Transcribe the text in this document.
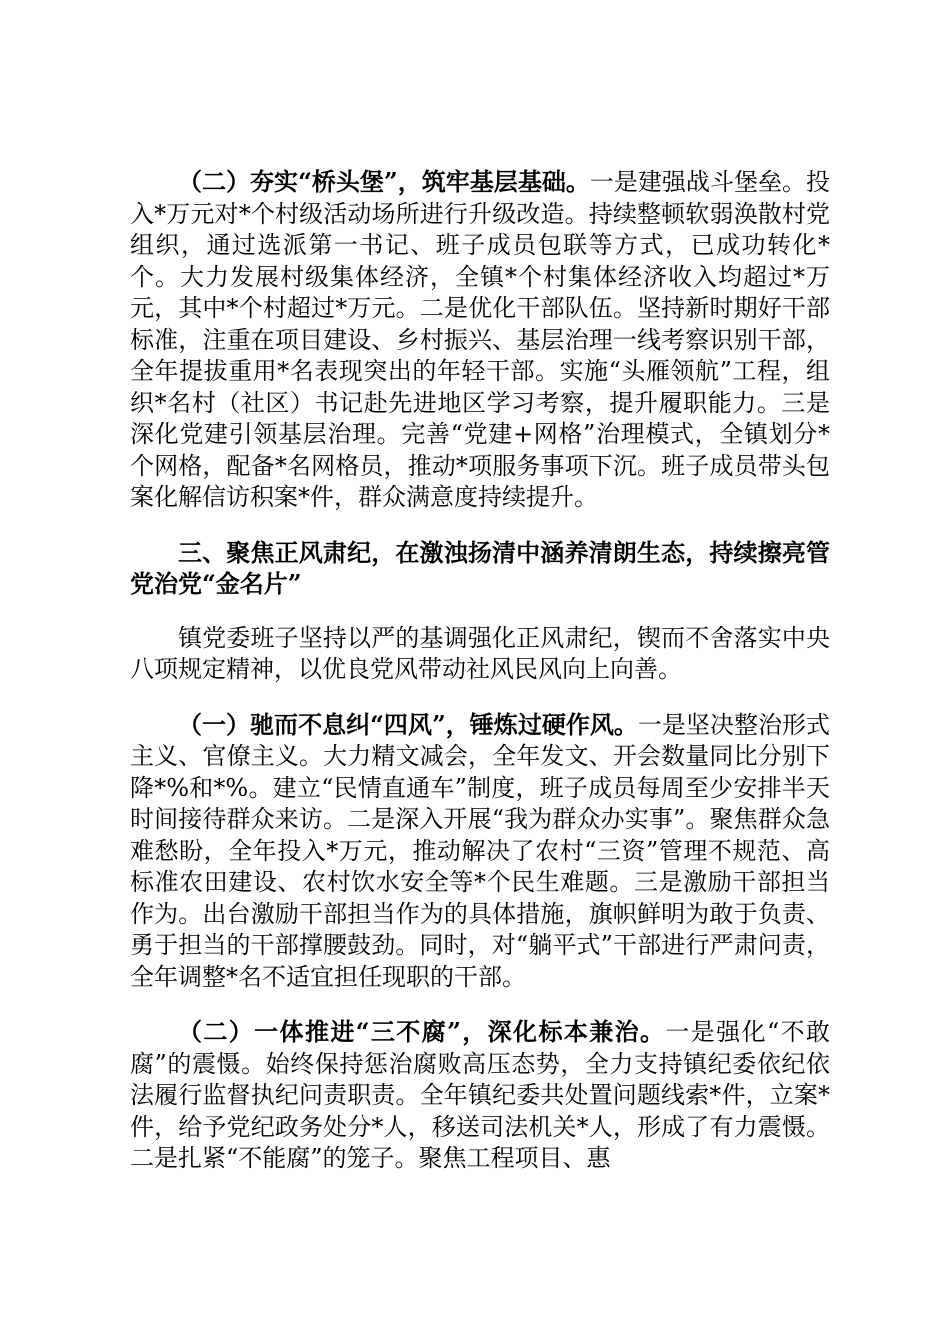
（二）夯实“桥头堡”，筑牢基层基础。一是建强战斗堡垒。投入*万元对*个村级活动场所进行升级改造。持续整顿软弱涣散村党组织，通过选派第一书记、班子成员包联等方式，已成功转化*个。大力发展村级集体经济，全镇*个村集体经济收入均超过*万元，其中*个村超过*万元。二是优化干部队伍。坚持新时期好干部标准，注重在项目建设、乡村振兴、基层治理一线考察识别干部，全年提拔重用*名表现突出的年轻干部。实施“头雁领航”工程，组织*名村（社区）书记赴先进地区学习考察，提升履职能力。三是深化党建引领基层治理。完善“党建+网格”治理模式，全镇划分*个网格，配备*名网格员，推动*项服务事项下沉。班子成员带头包案化解信访积案*件，群众满意度持续提升。

三、聚焦正风肃纪，在激浊扬清中涵养清朗生态，持续擦亮管党治党“金名片”

镇党委班子坚持以严的基调强化正风肃纪，锲而不舍落实中央八项规定精神，以优良党风带动社风民风向上向善。

（一）驰而不息纠“四风”，锤炼过硬作风。一是坚决整治形式主义、官僚主义。大力精文减会，全年发文、开会数量同比分别下降*%和*%。建立“民情直通车”制度，班子成员每周至少安排半天时间接待群众来访。二是深入开展“我为群众办实事”。聚焦群众急难愁盼，全年投入*万元，推动解决了农村“三资”管理不规范、高标准农田建设、农村饮水安全等*个民生难题。三是激励干部担当作为。出台激励干部担当作为的具体措施，旗帜鲜明为敢于负责、勇于担当的干部撑腰鼓劲。同时，对“躺平式”干部进行严肃问责，全年调整*名不适宜担任现职的干部。

（二）一体推进“三不腐”，深化标本兼治。一是强化“不敢腐”的震慑。始终保持惩治腐败高压态势，全力支持镇纪委依纪依法履行监督执纪问责职责。全年镇纪委共处置问题线索*件，立案*件，给予党纪政务处分*人，移送司法机关*人，形成了有力震慑。二是扎紧“不能腐”的笼子。聚焦工程项目、惠
